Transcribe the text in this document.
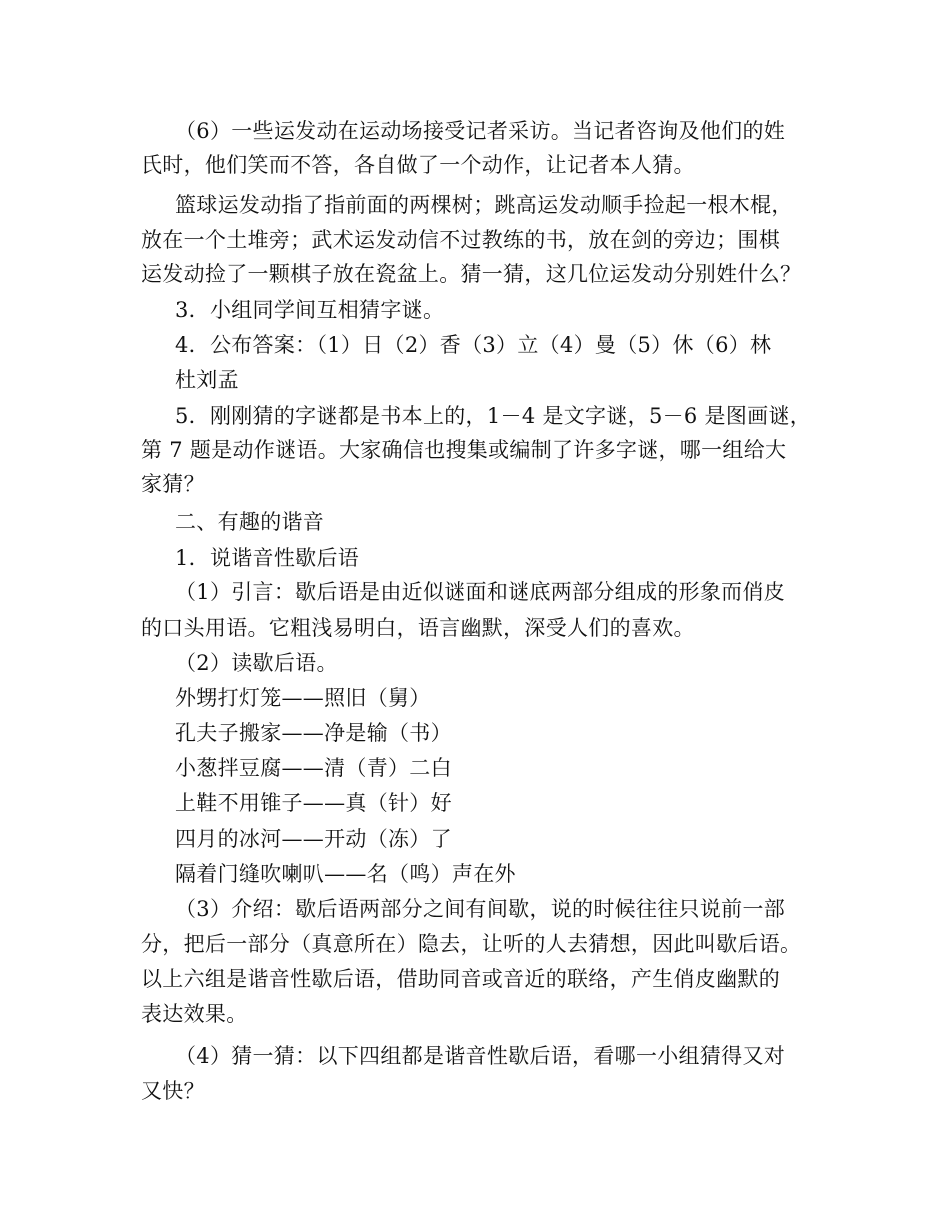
（6）一些运发动在运动场接受记者采访。当记者咨询及他们的姓
氏时，他们笑而不答，各自做了一个动作，让记者本人猜。
篮球运发动指了指前面的两棵树；跳高运发动顺手捡起一根木棍，
放在一个土堆旁；武术运发动信不过教练的书，放在剑的旁边；围棋
运发动捡了一颗棋子放在瓷盆上。猜一猜，这几位运发动分别姓什么？
3．小组同学间互相猜字谜。
4．公布答案：（1）日（2）香（3）立（4）曼（5）休（6）林
杜刘孟
5．刚刚猜的字谜都是书本上的，1－4 是文字谜，5－6 是图画谜，
第 7 题是动作谜语。大家确信也搜集或编制了许多字谜，哪一组给大
家猜？
二、有趣的谐音
1．说谐音性歇后语
（1）引言：歇后语是由近似谜面和谜底两部分组成的形象而俏皮
的口头用语。它粗浅易明白，语言幽默，深受人们的喜欢。
（2）读歇后语。
外甥打灯笼——照旧（舅）
孔夫子搬家——净是输（书）
小葱拌豆腐——清（青）二白
上鞋不用锥子——真（针）好
四月的冰河——开动（冻）了
隔着门缝吹喇叭——名（鸣）声在外
（3）介绍：歇后语两部分之间有间歇，说的时候往往只说前一部
分，把后一部分（真意所在）隐去，让听的人去猜想，因此叫歇后语。
以上六组是谐音性歇后语，借助同音或音近的联络，产生俏皮幽默的
表达效果。
（4）猜一猜：以下四组都是谐音性歇后语，看哪一小组猜得又对
又快？
